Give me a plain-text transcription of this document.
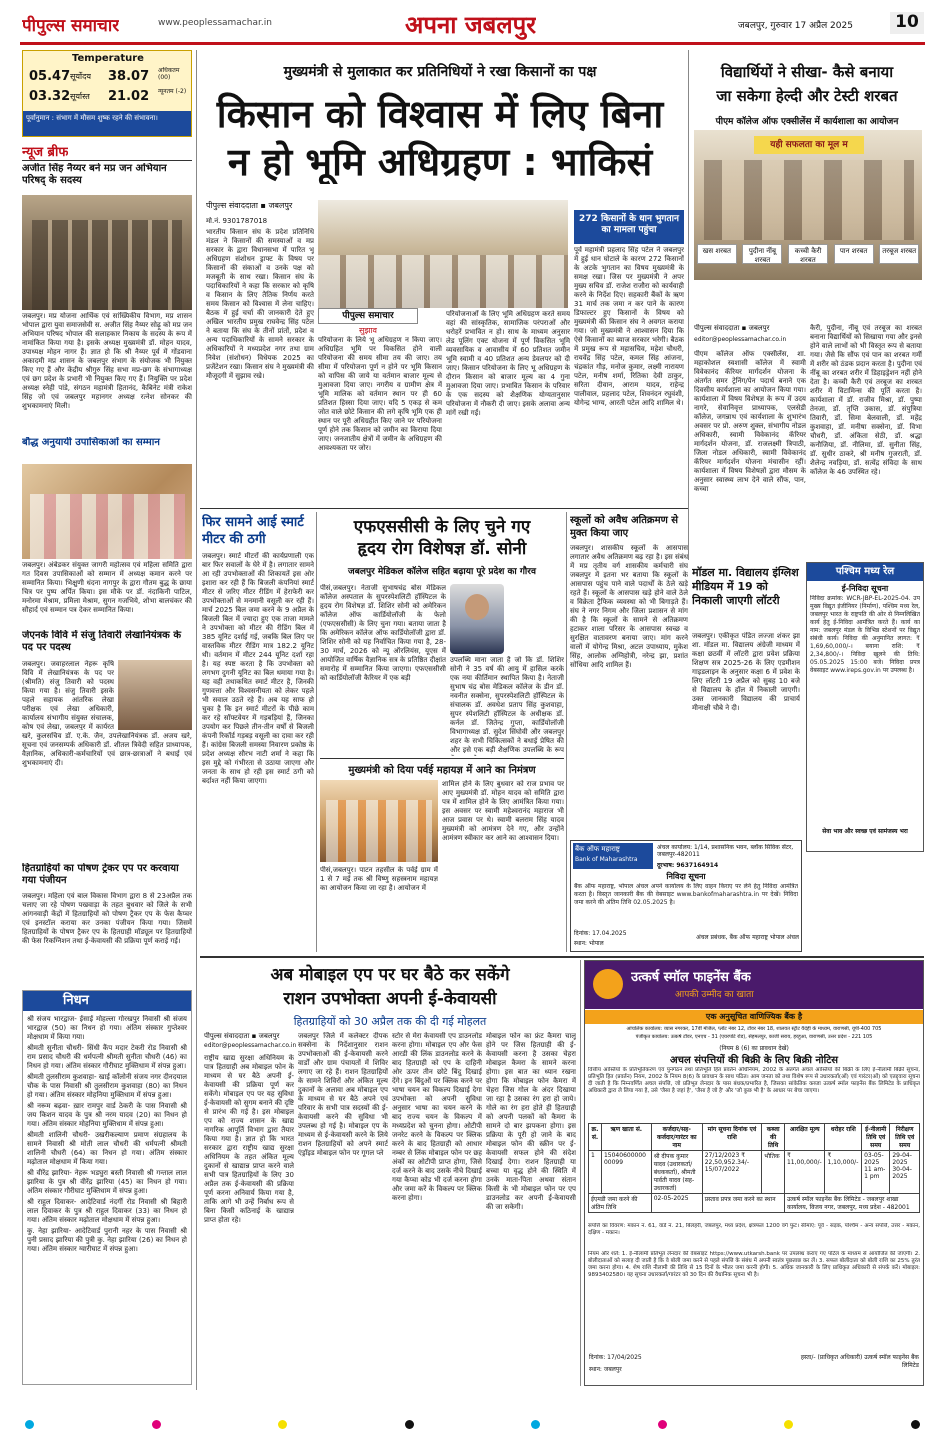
पीपुल्स समाचार	www.peoplessamachar.in	अपना जबलपुर	जबलपुर, गुरुवार 17 अप्रैल 2025	10
Temperature
05.47 सूर्योदय 38.07 अधिकतम (00)
03.32 सूर्यास्त 21.02 न्यूनतम (-2)
पूर्वानुमान : संभाग में मौसम शुष्क रहने की संभावना।
न्यूज ब्रीफ
अजीत सिंह नैय्यर बने मप्र जन अभियान परिषद् के सदस्य
जबलपुर। मप्र योजना आर्थिक एवं सांख्यिकीय विभाग, मप्र शासन भोपाल द्वारा युवा समाजसेवी स. अजीत सिंह नैय्यर सोढ़ू को मप्र जन अभियान परिषद भोपाल की सलाहकार निकाय के सदस्य के रूप में नामांकित किया गया है। इसके अध्यक्ष मुख्यमंत्री डॉ. मोहन यादव, उपाध्यक्ष मोहन नागर हैं। ज्ञात हो कि श्री नैय्यर पूर्व में गोंडवाना अकादमी मप्र शासन के जबलपुर संभाग के संयोजक भी नियुक्त किए गए हैं और केंद्रीय श्रीगुरु सिंह सभा मप्र-छग के संभागाध्यक्ष एवं छग प्रदेश के प्रभारी भी नियुक्त किए गए हैं। नियुक्ति पर प्रदेश अध्यक्ष स्नेही पांडे, संगठन महामंत्री हितानंद, कैबिनेट मंत्री राकेश सिंह जो एवं जबलपुर महानगर अध्यक्ष रत्नेश सोनकर की शुभकामनाएं मिली।
बौद्ध अनुयायी उपासिकाओं का सम्मान
जबलपुर। अंबेडकर संयुक्त जागरी महोत्सव एवं महिला समिति द्वारा गत दिवस उपासिकाओं को सम्मान में अध्यक्ष कमान करने पर सम्मानित किया। भिक्षुणी धंदना नागपुर के द्वारा गौतम बुद्ध के छाया चित्र पर पुष्प अर्पित किया। इस मौके पर डॉ. नंदाकिनी पाटिल, मनोरमा मेश्राम, प्रमिला मेश्राम, सुगन गजभिये, शोभा बालचंकर की सौहार्द एवं सम्मान पत्र देकर सम्मानित किया।
जेएनके विवि में संजु तिवारी लेखानियंत्रक के पद पर पदस्थ
जबलपुर। जवाहरलाल नेहरू कृषि विवि में लेखानियंत्रक के पद पर (श्रीमति) संजु तिवारी को पदस्थ किया गया है। संजु तिवारी इसके पहले सहायक आंतरिक लेखा परीक्षक एवं लेखा अधिकारी, कार्यालय संभागीय संयुक्त संचालक, कोष एवं लेखा, जबलपुर में कार्यरत
खरे, कुलसचिव डॉ. ए.के. जैन, उपलेखानियंत्रक डॉ. अजय खरे, सूचना एवं जनसम्पर्क अधिकारी डॉ. शीतल त्रिवेदी सहित प्राध्यापक, वैज्ञानिक, अधिकारी-कर्मचारियों एवं छात्र-छात्राओं ने बधाई एवं शुभकामनाएं दी।
हितग्राहियों का पोषण ट्रेकर एप पर करवाया गया पंजीयन
जबलपुर। महिला एवं बाल विकास विभाग द्वारा 8 से 23अप्रैल तक चलाए जा रहे पोषण पखवाड़ा के तहत बुधवार को जिले के सभी आंगनवाड़ी केंद्रों में हितग्राहियों को पोषण ट्रैकर एप के फेस कैप्चर एवं इनस्टॉल कराया कर उनका पंजीयन किया गया। जिसमें हितग्राहियों के पोषण ट्रैकर एप के हितग्राही मॉड्यूल पर हितग्राहियों की फेस रिकग्निशन तथा ई-केवायसी की प्रक्रिया पूर्ण कराई गई।
निधन

श्री संजय भारद्वाज- ईसाई मोहल्ला गोरखपुर निवासी श्री संजय भारद्वाज (50) का निधन हो गया। अंतिम संस्कार गुप्तेश्वर मोक्षधाम में किया गया।

श्रीमती सुनीता चौधरी- सिंधी कैंप मदार टेकरी रोड निवासी श्री राम प्रसाद चौधरी की धर्मपत्नी श्रीमती सुनीता चौधरी (46) का निधन हो गया। अंतिम संस्कार गौरीघाट मुक्तिधाम में संपन्न हुआ।

श्रीमती तुलसीराम कुशवाहा- खाई कॉलोनी संजय नगर दीनदयाल चौक के पास निवासी श्री तुलसीराम कुशवाहा (80) का निधन हो गया। अंतिम संस्कार मोहनिया मुक्तिधाम में संपन्न हुआ।

श्री नरूम बढ़वा- ख़ार रामपुर वार्ड ठेकरी के पास निवासी श्री जय किशन यादव के पुत्र श्री नरम यादव (20) का निधन हो गया। अंतिम संस्कार मोहनिया मुक्तिधाम में संपन्न हुआ।

श्रीमती शालिनी चौधरी- उखरीकल्याण प्रमाण संग्रहालय के सामने निवासी श्री मोती लाल चौधरी की धर्मपत्नी श्रीमती शालिनी चौधरी (64) का निधन हो गया। अंतिम संस्कार मढ़ोताल मोक्षधाम में किया गया।

श्री वीरेंद्र झारिया- नेहरू भडघुरा बस्ती निवासी श्री गन्ताल लाल झारिया के पुत्र श्री वीरेंद्र झारिया (45) का निधन हो गया। अंतिम संस्कार गौरीघाट मुक्तिधाम में संपन्न हुआ।

श्री राहुल दिवाकर- आदेटिवार्ड नंदर्गी रोड निवासी श्री बिहारी लाल दिवाकर के पुत्र श्री राहुल दिवाकर (33) का निधन हो गया। अंतिम संस्कार मढ़ोताल मोक्षधाम में संपन्न हुआ।

कु. नेहा झारिया- आदेटिवार्ड पुरानी नहर के पास निवासी श्री पुनी प्रसाद झारिया की पुत्री कु. नेहा झारिया (26) का निधन हो गया। अंतिम संस्कार ग्वारीघाट में संपन्न हुआ।

मुख्यमंत्री से मुलाकात कर प्रतिनिधियों ने रखा किसानों का पक्ष
किसान को विश्वास में लिए बिना
न हो भूमि अधिग्रहण : भाकिसं
पीपुल्स संवाददाता ▪ जबलपुर
मो.नं. 9301787018
पीपुल्स समाचार
सुझाव
भारतीय किसान संघ के प्रदेश प्रतिनिधि मंडल ने किसानों की समस्याओं व मप्र सरकार के द्वारा विधानसभा में पारित भू अधिग्रहण संशोधन ड्राफ्ट के विषय पर किसानों की संकाओं व उनके पक्ष को मजबूती के साथ रखा। किसान संघ के पदाधिकारियों ने कहा कि सरकार को कृषि व किसान के लिए तैतिक निर्णय करते समय किसान को विश्वास में लेना चाहिए। बैठक में हुई चर्चा की जानकारी देते हुए अखिल भारतीय प्रमुख राघवेन्द्र सिंह पटेल ने बताया कि संघ के तीनों प्रांतों, प्रदेश व अन्य पदाधिकारियों के सामने सरकार के अधिकारियों ने मध्यप्रदेश नगर तथा ग्राम निवेश (संशोधन) विधेयक 2025 का प्रजेंटेशन रखा। किसान संघ ने मुख्यमंत्री की मौजूदगी में सुझाव रखे।
परियोजना के लिये भू अधिग्रहण न किया जाए। अधिग्रहित भूमि पर विकसित होने वाली परियोजना की समय सीमा तय की जाए। तय सीमा में परियोजना पूर्ण न होने पर भूमि किसान को वापिस की जाये या वर्तमान बाजार मूल्य से मुआवजा दिया जाए। नगरीय व ग्रामीण क्षेत्र में भूमि मालिक को वर्तमान स्थान पर ही 60 प्रतिशत हिस्सा दिया जाए। यदि 5 एकड़ से कम जोत वाले छोटे किसान की लगे कृषि भूमि एक ही स्थान पर पूरी अधिग्रहीत किए जाने पर परियोजना पूर्ण होने तक किसान को जमीन का किराया दिया जाए। जनजातीय क्षेत्रों में जमीन के अधिग्रहण की आवश्यकता पर जोर।
परियोजनाओं के लिए भूमि अधिग्रहण करते समय वहां की सांस्कृतिक, सामाजिक परंपराओं और धरोहरें प्रभावित न हो। साथ के माध्यम अनुसार लेड पूलिंग एक्ट योजना में पूर्ण विकसित भूमि व्यवसायिक व आवासीय में 60 प्रतिशत जमीन भूमि स्वामी व 40 प्रतिशत अन्य डेवलपर को दी जाए। किसान परियोजना के लिए भू अधिग्रहण के दौरान किसान को बाजार मूल्य का 4 गुना मुआवजा दिया जाए। प्रभावित किसान के परिवार के एक सदस्य को शैक्षणिक योग्यतानुसार परियोजना में नौकरी दी जाए। इसके अलावा अन्य मांगें रखी गईं।
272 किसानों के धान भुगतान का मामला पहुंचा
पूर्व महामंत्री प्रहलाद सिंह पटेल ने जबलपुर में हुई धान घोटाले के कारण 272 किसानों के अटके भुगतान का विषय मुख्यमंत्री के समक्ष रखा। जिस पर मुख्यमंत्री ने अपर मुख्य सचिव डॉ. राजेश राजौरा को कार्यवाही करने के निर्देश दिए। सहकारी बैंकों के ऋण 31 मार्च तक जमा न कर पाने के कारण डिफाल्टर हुए किसानों के विषय को मुख्यमंत्री की किसान संघ ने अवगत कराया गया। जो मुख्यमंत्री ने आश्वासन दिया कि ऐसे किसानों का ब्याज सरकार भरेगी। बैठक में प्रमुख रूप से महासचिव, महेश चौधरी, रायवेंद्र सिंह पटेल, कमल सिंह आंजना, चंद्रकांत गौड़, मनोज कुमार, लक्ष्मी नारायण पटेल, मनीष शर्मा, रितिका देवी ठाकुर, सरिता दीवान, आराम यादव, राहेन्द्र पालीवाल, प्रहलाद पटेल, शिवनंदन रघुवंशी, योगेन्द्र भाग्य, आरती पटेल आदि शामिल थे।
विद्यार्थियों ने सीखा- कैसे बनाया
जा सकेगा हेल्दी और टेस्टी शरबत
पीएम कॉलेज ऑफ एक्सीलेंस में कार्यशाला का आयोजन
यही सफलता का मूल म
खस शरबत	पुदीना नींबू शरबत
कच्ची कैरी शरबत
पान शरबत	तरबूज शरबत
पीपुल्स संवाददाता ▪ जबलपुर
editor@peoplessamachar.co.in
पीएम कॉलेज ऑफ एक्सीलेंस, शा. महाकोशल स्वशासी कॉलेज में स्वामी विवेकानंद कॅरियर मार्गदर्शन योजना के अंतर्गत समर ट्रेनिंग/पेन पदार्थ बनाने एक दिवसीय कार्यशाला का आयोजन किया गया। कार्यशाला में विषय विशेषज्ञ के रूप में उदय नागरे, सेवानिवृत्त प्राध्यापक, एलसेडी कॉलेज, जगन्नाथ एवं कार्यशाला के शुभारंभ अवसर पर प्रो. अरुण शुक्ल, संभागीय नोडल अधिकारी, स्वामी विवेकानंद कॅरियर मार्गदर्शन योजना, डॉ. राजलक्ष्मी त्रिपाठी, जिला नोडल अधिकारी, स्वामी विवेकानंद कॅरियर मार्गदर्शन योजना मंचासीन रहीं। कार्यशाला में विषय विशेषज्ञों द्वारा मौसम के अनुसार स्वास्थ्य लाभ देने वाले सौंफ, पान, कच्चा
कैरी, पुदीना, नींबू एवं तरबूज का शरबत बनाना विद्यार्थियों को सिखाया गया और इनसे होने वाले लाभों को भी विस्तृत रूप से बताया गया। जैसे कि सौंफ एवं पान का शरबत गर्मी में शरीर को ठंडक प्रदान करता है। पुदीना एवं नींबू का शरबत शरीर में डिहाइड्रेशन नहीं होने देता है। कच्ची कैरी एवं तरबूज का शरबत शरीर में विटामिन्स की पूर्ति करता है। कार्यशाला में डॉ. राजीव मिश्रा, डॉ. पुष्पा तेनजा, डॉ. तृप्ति उकास, डॉ. संपुत्रिया तिवारी, डॉ. सिमा बेलवाली, डॉ. महेंद्र कुशवाहा, डॉ. मनीषा सक्सेना, डॉ. विभा चौधरी, डॉ. अंकिता सेठी, डॉ. श्रद्धा कनौजिया, डॉ. नीलिमा, डॉ. सुनीता सिंह, डॉ. सुधीर ठाकरे, श्री मनीष गुजराती, डॉ. शैलेन्द्र नवड़िया, डॉ. सत्येंद्र संविदा के साथ कॉलेज के 46 उपस्थित रहे।
फिर सामने आई स्मार्ट मीटर की ठगी
जबलपुर। स्मार्ट मीटरों की कार्यप्रणाली एक बार फिर सवालों के घेरे में है। लगातार सामने आ रही उपभोक्ताओं की शिकायतें इस ओर इशारा कर रही हैं कि बिजली कंपनियां स्मार्ट मीटर से जरिए मीटर रीडिंग में हेराफेरी कर उपभोक्ताओं से मनमानी वसूली कर रही हैं। मार्च 2025 बिल जमा करने के 9 अप्रैल के बिजली बिल में ज्यादा हुए एक ताजा मामले ने उपभोक्ता को मीटर की रीडिंग बिल में 385 यूनिट दर्शाई गई, जबकि बिल लिए पर वास्तविक मीटर रीडिंग मात्र 182.2 यूनिट थी। वर्तमान में मीटर 244 यूनिट दर्शा रहा है। यह स्पष्ट करता है कि उपभोक्ता को लगभग दुगनी यूनिट का बिल थमाया गया है। यह वही तथाकथित स्मार्ट मीटर है, जिनकी गुणवत्ता और विश्वसनीयता को लेकर पहले भी सवाल उठते रहे हैं। अब यह साफ हो चुका है कि इन स्मार्ट मीटरों के पीछे काम कर रहे सॉफ्टवेयर में गड़बड़ियां हैं, जिनका उपयोग कर पिछले तीन-तीन वर्षों से बिजली कंपनी रिकॉर्ड गड़बड़ वसूली का दावा कर रही हैं। कांग्रेस बिजली समस्या निवारण प्रकोष्ठ के प्रदेश अध्यक्ष सौरभ नाटी शर्मा ने कहा कि इस मुद्दे को गंभीरता से उठाया जाएगा और जनता के साथ हो रही इस स्मार्ट ठगी को बर्दाश्त नहीं किया जाएगा।
एफएससीसी के लिए चुने गए
हृदय रोग विशेषज्ञ डॉ. सोनी
जबलपुर मेडिकल कॉलेज सहित बढ़ाया पूरे प्रदेश का गौरव
पीसं,जबलपुर। नेताजी सुभाषचंद्र बोस मेडिकल कॉलेज अस्पताल के सुपरस्पेशलिटी हॉस्पिटल के हृदय रोग विशेषज्ञ डॉ. शिशिर सोनी को अमेरिकन कॉलेज ऑफ कार्डियोलॉजी के फेलो (एफएससीसी) के लिए चुना गया। बताया जाता है कि अमेरिकन कॉलेज ऑफ कार्डियोलॉजी द्वारा डॉ. शिशिर सोनी को यह निर्वाचित किया गया है, 28-30 मार्च, 2026 को न्यू ऑरलियंस, यूएस में आयोजित वार्षिक वैज्ञानिक सत्र के प्रतिष्ठित दीक्षांत समारोह में सम्मानित किया जाएगा। एफएससीसी को कार्डियोलॉजी कैरियर में एक बड़ी
उपलब्धि माना जाता है जो कि डॉ. शिशिर सोनी ने 35 वर्ष की आयु में हासिल करके एक नया कीर्तिमान स्थापित किया है। नेताजी सुभाष चंद्र बोस मेडिकल कॉलेज के डीन डॉ. नवनीत सक्सेना, सुपरस्पेशलिटी हॉस्पिटल के संचालक डॉ. अवधेश प्रताप सिंह कुशवाहा, सुपर स्पेशलिटी हॉस्पिटल के अधीक्षक डॉ. कर्नल डॉ. जितेन्द्र गुप्ता, कार्डियोलॉजी विभागाध्यक्ष डॉ. सुदेश सिंघोवी और जबलपुर शहर के सभी चिकित्सकों ने बधाई प्रेषित की और इसे एक बड़ी शैक्षणिक उपलब्धि के रूप
मुख्यमंत्री को दिया पर्वई महायज्ञ में आने का निमंत्रण
पीसं,जबलपुर। पाटन तहसील के पर्वई ग्राम में 1 से 7 मई तक श्री विष्णु सहस्त्रनाम महायज्ञ का आयोजन किया जा रहा है। आयोजन में
शामिल होने के लिए बुधवार को राज प्रभाव पर आए मुख्यमंत्री डॉ. मोहन यादव को समिति द्वारा पत्र में शामिल होने के लिए आमंत्रित किया गया। इस अवसर पर स्वामी महेश्वरानंद महाराज भी आज प्रवास पर थे। स्वामी बलराम सिंह यादव मुख्यमंत्री को आमंत्रण देने गए, और उन्होंने आमंत्रण स्वीकार कर आने का आश्वासन दिया।
स्कूलों को अवैध अतिक्रमण से मुक्त किया जाए
जबलपुर। शासकीय स्कूलों के आसपास लगातार अवैध अतिक्रमण बढ़ रहा है। इस संबंध में मप्र तृतीय वर्ग शासकीय कर्मचारी संघ जबलपुर में इतना भर बताया कि स्कूलों के आसपास पहुंच पाने वाले पदार्थों के ठेले खड़े रहते हैं। स्कूलों के आसपास खड़े होने वाले ठेले व विक्रेता ट्रैफिक व्यवस्था को भी बिगाड़ते हैं। संघ ने नगर निगम और जिला प्रशासन से मांग की है कि स्कूलों के सामने से अतिक्रमण हटाकर शाला परिसर के आसपास स्वच्छ व सुरक्षित वातावरण बनाया जाए। मांग करने वालों में योगेन्द्र मिश्रा, अटल उपाध्याय, मुकेश सिंह, आलोक अग्निहोत्री, नरेन्द्र झा, प्रशांत सोंधिया आदि शामिल हैं।
मॉडल मा. विद्यालय इंग्लिश मीडियम में 19 को निकाली जाएगी लॉटरी
जबलपुर। एकीकृत पंडित लज्जा शंकर झा शा. मॉडल मा. विद्यालय अंग्रेजी माध्यम में कक्षा छठवीं में लॉटरी द्वारा प्रवेश प्रक्रिया शिक्षण सत्र 2025-26 के लिए एडमीशन गाइडलाइन के अनुसार कक्षा 6 में प्रवेश के लिए लॉटरी 19 अप्रैल को सुबह 10 बजे से विद्यालय के हॉल में निकाली जाएगी। उक्त जानकारी विद्यालय की प्राचार्य मीनाक्षी चौबे ने दी।
पश्चिम मध्य रेल
ई-निविदा सूचना
निविदा क्रमांक: WCR-JBP-EL-2025-04. उप मुख्य विद्युत इंजीनियर (निर्माण), पश्चिम मध्य रेल, जबलपुर भारत के राष्ट्रपति की ओर से निम्नलिखित कार्य हेतु ई-निविदा आमंत्रित करते हैं। कार्य का नाम: जबलपुर मंडल के विभिन्न स्टेशनों पर विद्युत संबंधी कार्य। निविदा की अनुमानित लागत: ₹ 1,69,60,000/-। बयाना राशि: ₹ 2,34,800/-। निविदा खुलने की तिथि: 05.05.2025 15:00 बजे। निविदा प्रपत्र वेबसाइट www.ireps.gov.in पर उपलब्ध है।
सेवा भाव और स्वच्छ एवं सामंजस्य भरा
बैंक ऑफ महाराष्ट्र
Bank of Maharashtra
अंचल कार्यालय: 1/14, प्रशासनिक भवन, ब्लॉक सिविक सेंटर, जबलपुर-482011
दूरभाष: 9637164914
निविदा सूचना
बैंक ऑफ महाराष्ट्र, भोपाल अंचल अपने कार्यालय के लिए वाहन किराए पर लेने हेतु निविदा आमंत्रित करता है। विस्तृत जानकारी बैंक की वेबसाइट www.bankofmaharashtra.in पर देखें। निविदा जमा करने की अंतिम तिथि 02.05.2025 है।
दिनांक: 17.04.2025
स्थान: भोपाल
अंचल प्रबंधक, बैंक ऑफ महाराष्ट्र भोपाल अंचल
अब मोबाइल एप पर घर बैठे कर सकेंगे
राशन उपभोक्ता अपनी ई-केवायसी
हितग्राहियों को 30 अप्रैल तक की दी गई मोहलत
पीपुल्स संवाददाता ▪ जबलपुर
editor@peoplessamachar.co.in
राष्ट्रीय खाद्य सुरक्षा अधिनियम के पात्र हितग्राही अब मोबाइल फोन के माध्यम से घर बैठे अपनी ई-केवायसी की प्रक्रिया पूर्ण कर सकेंगे। मोबाइल एप पर यह सुविधा ई-केवायसी को सुगम बनाने की दृष्टि से प्रारंभ की गई है। इस मोबाइल एप को राज्य शासन के खाद्य नागरिक आपूर्ति विभाग द्वारा तैयार किया गया है। ज्ञात हो कि भारत सरकार द्वारा राष्ट्रीय खाद्य सुरक्षा अधिनियम के तहत अंकित मूल्य दुकानों से खाद्यान्न प्राप्त करने वाले सभी पात्र हितग्राहियों के लिए 30 अप्रैल तक ई-केवायसी की प्रक्रिया पूर्ण करना अनिवार्य किया गया है, ताकि आगे भी उन्हें निर्बाध रूप से बिना किसी कठिनाई के खाद्यान्न प्राप्त होता रहे।
जबलपुर जिले में कलेक्टर दीपक सक्सेना के निर्देशानुसार राशन उपभोक्ताओं की ई-केवायसी करने वार्डों और ग्राम पंचायतों में शिविर लगाए जा रहे हैं। राशन हितग्राहियों के सामने शिविरों और अंकित मूल्य दुकानों के अलावा अब मोबाइल एप के माध्यम से घर बैठे अपने एवं परिवार के सभी पात्र सदस्यों की ई-केवायसी करने की सुविधा भी उपलब्ध हो गई है। मोबाइल एप के माध्यम से ई-केवायसी करने के लिये राशन हितग्राहियों को अपने स्मार्ट एंड्रॉइड मोबाइल फोन पर गूगल प्ले
स्टोर से मेरा केवायसी एप डाउनलोड करना होगा। मोबाइल एप और फेस आरडी की लिंक डाउनलोड करने के बाद हितग्राही को एप के दाहिनी ओर ऊपर तीन छोटे बिंदु दिखाई देंगे। इन बिंदुओं पर क्लिक करने पर भाषा चयन का विकल्प दिखाई देगा उपभोक्ता को अपनी सुविधा अनुसार भाषा का चयन करने के बाद राज्य चयन के विकल्प में मध्यप्रदेश को चुनना होगा। ओटीपी जनरेट करने के विकल्प पर क्लिक करने के बाद हितग्राही को आधार नम्बर से लिंक मोबाइल फोन पर छह अंकों का ओटीपी प्राप्त होगा, जिसे दर्ज करने के बाद उसके नीचे दिखाई गया कैप्चा कोड भी दर्ज करना होगा और जमा करें के विकल्प पर क्लिक करना होगा।
मोबाइल फोन का फ्रंट कैमरा चालू होने पर जिस हितग्राही की ई-केवायसी करना है उसका चेहरा मोबाइल कैमरा के सामने करना होगा। इस बात का ध्यान रखना होगा कि मोबाइल फोन कैमरा में चेहरा जिस गोल के अंदर दिखाया जा रहा है उसका रंग हरा हो जाये। गोले का रंग हरा होते ही हितग्राही को अपनी पलकों को कैमरा के सामने दो बार झपकना होगा। इस प्रक्रिया के पूरी हो जाने के बाद मोबाइल फोन की स्क्रीन पर ई-केवायसी सफल होने की संदेश दिखाई देगा। राशन हितग्राही या बच्चा या वृद्ध होने की स्थिति में उनके माता-पिता अथवा संतान किसी के भी मोबाइल फोन पर एप डाउनलोड कर अपनी ई-केवायसी की जा सकेगी।
उत्कर्ष स्मॉल फाइनेंस बैंक
आपकी उम्मीद का खाता
एक अनुसूचित वाणिज्यिक बैंक है
आंचलिक कार्यालय: व्यास नगरकर, 17वीं मंजिल, प्लॉट नंबर 12, टॉवर नंबर 18, शालवत स्ट्रीट वैदेही के माध्यम, वाराणसी, यूपी-400 705
पंजीकृत कार्यालय: उत्कर्ष टॉवर, एनएच - 31 (एयरपोर्ट रोड), सेहमलपुर, काजी सराय, हरहुआ, वाराणसी, उत्तर प्रदेश - 221 105
(नियम 8 (6) का प्रावधान देखें)
अचल संपत्तियों की बिक्री के लिए बिक्री नोटिस
वित्तीय आस्तियों के प्रतिभूतिकरण एवं पुनर्गठन तथा प्रतिभूति हित प्रवर्तन अधिनियम, 2002 के अंतर्गत अचल आस्तियों की बिक्री के लिए ई-नीलामी बिक्री सूचना, प्रतिभूति हित (प्रवर्तन) नियम, 2002 के नियम 8(6) के प्रावधान के साथ पठित। आम जनता को तथा विशेष रूप से उधारकर्ता(ओं) एवं गारंटर(ओं) को एतद्द्वारा सूचना दी जाती है कि निम्नवर्णित अचल संपत्ति, जो प्रतिभूत लेनदार के पास बंधक/प्रभारित है, जिसका सांकेतिक कब्जा उत्कर्ष स्मॉल फाइनेंस बैंक लिमिटेड के प्राधिकृत अधिकारी द्वारा ले लिया गया है, उसे 'जैसा है जहां है', 'जैसा है जो है' और 'जो कुछ भी है' के आधार पर बेचा जाएगा।
क्र. सं.	ऋण खाता सं.	कर्जदार/सह-कर्जदार/गारंटर का नाम	मांग सूचना दिनांक एवं राशि	कब्जा की तिथि	आरक्षित मूल्य	धरोहर राशि	ई-नीलामी तिथि एवं समय	निरीक्षण तिथि एवं समय
1	15040600000 00099	श्री दीपक कुमार यादव (उधारकर्ता/बंधककर्ता), श्रीमती पार्वती यादव (सह-उधारकर्ता)	27/12/2023 ₹ 22,50,952.34/- 15/07/2022	भौतिक	₹ 11,00,000/-	₹ 1,10,000/-	03-05-2025 11 am-1 pm	29-04-2025 30-04-2025
ईएमडी जमा करने की अंतिम तिथि		02-05-2025	प्रस्ताव प्रपत्र जमा करने का स्थान		उत्कर्ष स्मॉल फाइनेंस बैंक लिमिटेड - जबलपुर शाखा कार्यालय, विजय नगर, जबलपुर, मध्य प्रदेश - 482001			
संपत्ति का विवरण: मकान नं. 61, वार्ड नं. 21, बिलहरी, जबलपुर, मध्य प्रदेश, क्षेत्रफल 1200 वर्ग फुट। सीमाएं: पूर्व - सड़क, पश्चिम - अन्य संपत्ति, उत्तर - मकान, दक्षिण - मकान।
नियम और शर्तें: 1. ई-नीलामी प्रतिभूत लेनदार की वेबसाइट https://www.utkarsh.bank पर उपलब्ध कराए गए पोर्टल के माध्यम से आयोजित की जाएगी। 2. बोलीदाताओं को सलाह दी जाती है कि वे बोली जमा करने से पहले संपत्ति के संबंध में अपनी स्वतंत्र पूछताछ कर लें। 3. सफल बोलीदाता को बोली राशि का 25% तुरंत जमा करना होगा। 4. शेष राशि नीलामी की तिथि से 15 दिनों के भीतर जमा करनी होगी। 5. अधिक जानकारी के लिए प्राधिकृत अधिकारी से संपर्क करें। मोबाइल: 9893402580। यह सूचना उधारकर्ता/गारंटर को 30 दिन की वैधानिक सूचना भी है।
दिनांक: 17/04/2025
स्थान: जबलपुर
हस्ता/- (प्राधिकृत अधिकारी) उत्कर्ष स्मॉल फाइनेंस बैंक लिमिटेड
